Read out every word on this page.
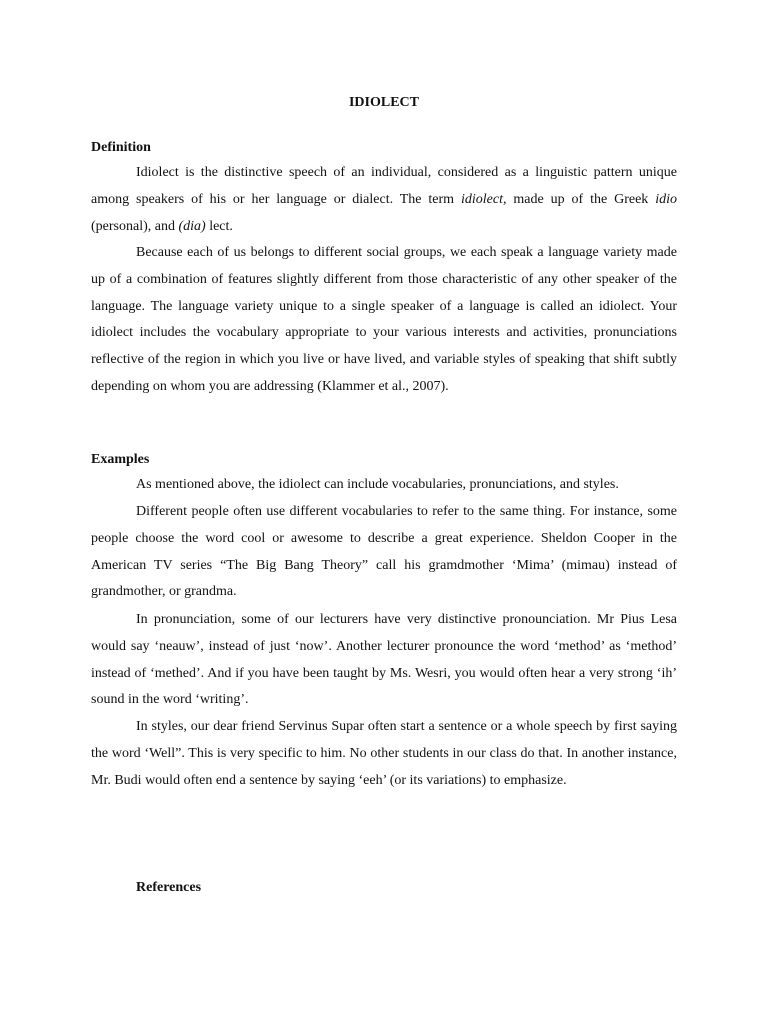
IDIOLECT
Definition
Idiolect is the distinctive speech of an individual, considered as a linguistic pattern unique among speakers of his or her language or dialect. The term idiolect, made up of the Greek idio (personal), and (dia) lect.
Because each of us belongs to different social groups, we each speak a language variety made up of a combination of features slightly different from those characteristic of any other speaker of the language. The language variety unique to a single speaker of a language is called an idiolect. Your idiolect includes the vocabulary appropriate to your various interests and activities, pronunciations reflective of the region in which you live or have lived, and variable styles of speaking that shift subtly depending on whom you are addressing (Klammer et al., 2007).
Examples

As mentioned above, the idiolect can include vocabularies, pronunciations, and styles.

Different people often use different vocabularies to refer to the same thing. For instance, some people choose the word cool or awesome to describe a great experience. Sheldon Cooper in the American TV series “The Big Bang Theory” call his gramdmother ‘Mima’ (mimau) instead of grandmother, or grandma.

In pronunciation, some of our lecturers have very distinctive pronounciation. Mr Pius Lesa would say ‘neauw’, instead of just ‘now’. Another lecturer pronounce the word ‘method’ as ‘method’ instead of ‘methed’. And if you have been taught by Ms. Wesri, you would often hear a very strong ‘ih’ sound in the word ‘writing’.

In styles, our dear friend Servinus Supar often start a sentence or a whole speech by first saying the word ‘Well”. This is very specific to him. No other students in our class do that. In another instance, Mr. Budi would often end a sentence by saying ‘eeh’ (or its variations) to emphasize.

References
